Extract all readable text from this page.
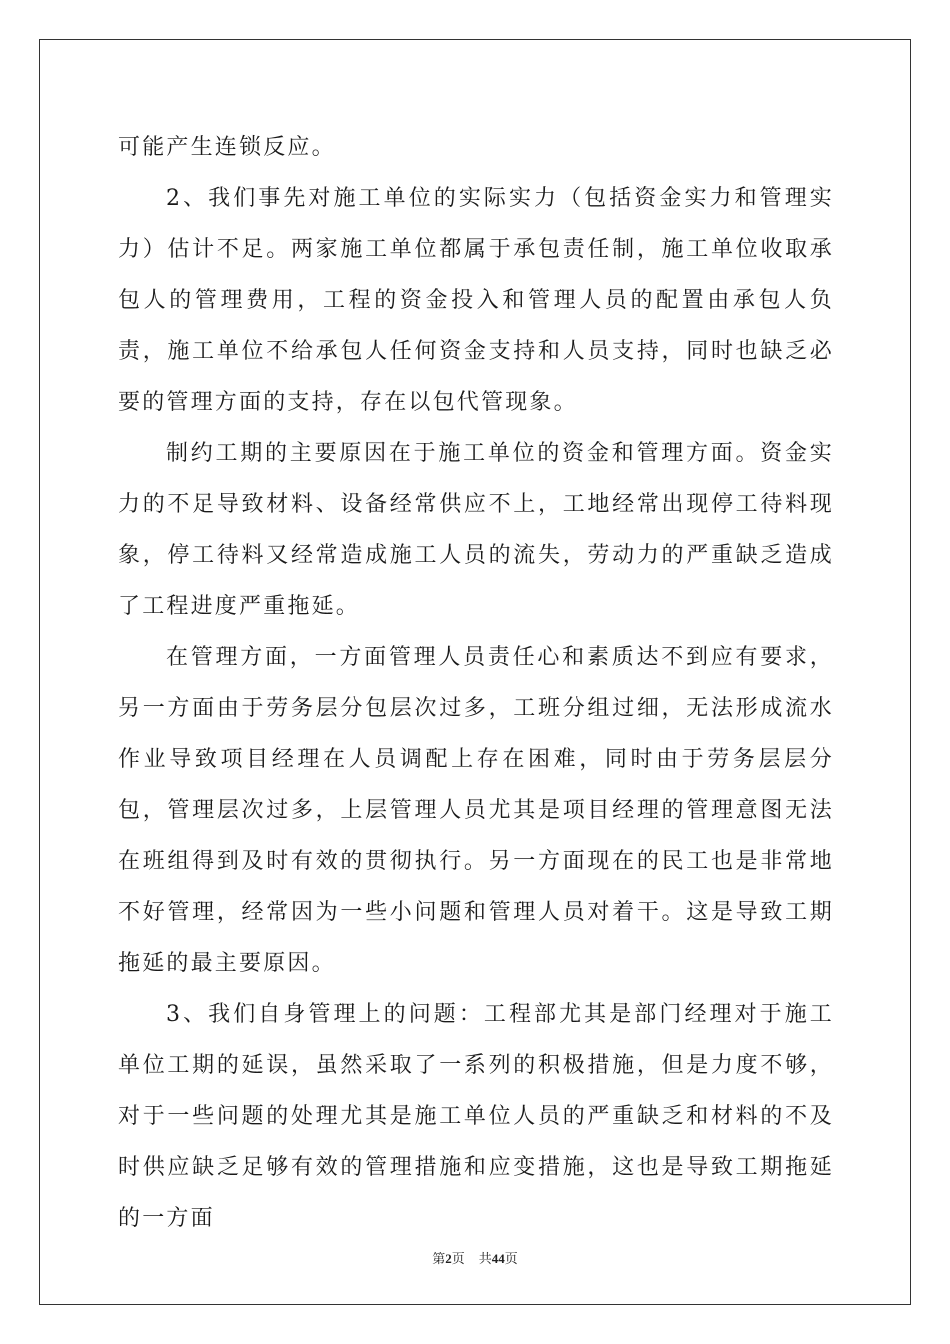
可能产生连锁反应。

2、我们事先对施工单位的实际实力（包括资金实力和管理实力）估计不足。两家施工单位都属于承包责任制，施工单位收取承包人的管理费用，工程的资金投入和管理人员的配置由承包人负责，施工单位不给承包人任何资金支持和人员支持，同时也缺乏必要的管理方面的支持，存在以包代管现象。

制约工期的主要原因在于施工单位的资金和管理方面。资金实力的不足导致材料、设备经常供应不上，工地经常出现停工待料现象，停工待料又经常造成施工人员的流失，劳动力的严重缺乏造成了工程进度严重拖延。

在管理方面，一方面管理人员责任心和素质达不到应有要求，另一方面由于劳务层分包层次过多，工班分组过细，无法形成流水作业导致项目经理在人员调配上存在困难，同时由于劳务层层分包，管理层次过多，上层管理人员尤其是项目经理的管理意图无法在班组得到及时有效的贯彻执行。另一方面现在的民工也是非常地不好管理，经常因为一些小问题和管理人员对着干。这是导致工期拖延的最主要原因。

3、我们自身管理上的问题：工程部尤其是部门经理对于施工单位工期的延误，虽然采取了一系列的积极措施，但是力度不够，对于一些问题的处理尤其是施工单位人员的严重缺乏和材料的不及时供应缺乏足够有效的管理措施和应变措施，这也是导致工期拖延的一方面

第2页 共44页
